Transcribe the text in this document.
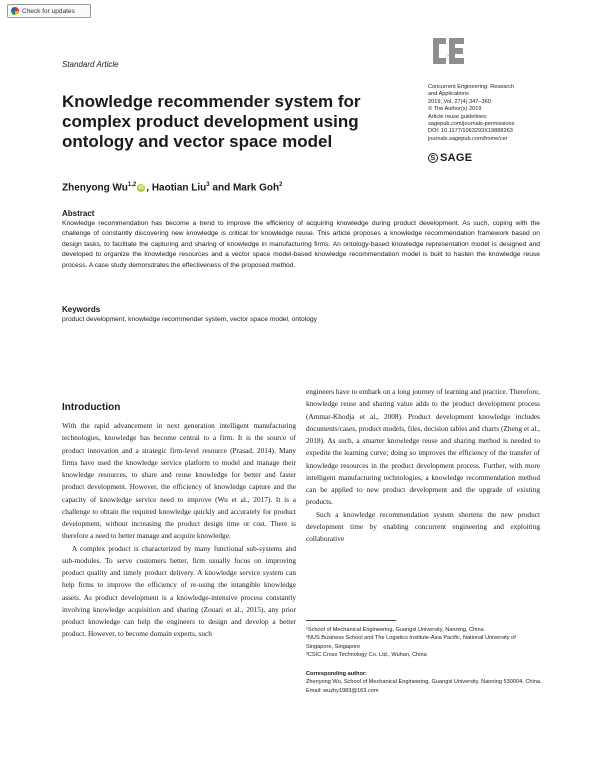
Check for updates
Standard Article
CE
Concurrent Engineering: Research
and Applications
2019, Vol. 27(4) 347–360
© The Author(s) 2019
Article reuse guidelines:
sagepub.com/journals-permissions
DOI: 10.1177/1063293X19888263
journals.sagepub.com/home/cer
S SAGE
Knowledge recommender system for complex product development using ontology and vector space model
Zhenyong Wu$^{1,2}$ iD , Haotian Liu$^3$ and Mark Goh$^2$
Abstract

Knowledge recommendation has become a trend to improve the efficiency of acquiring knowledge during product development. As such, coping with the challenge of constantly discovering new knowledge is critical for knowledge reuse. This article proposes a knowledge recommendation framework based on design tasks, to facilitate the capturing and sharing of knowledge in manufacturing firms. An ontology-based knowledge representation model is designed and developed to organize the knowledge resources and a vector space model-based knowledge recommendation model is built to hasten the knowledge reuse process. A case study demonstrates the effectiveness of the proposed method.

Keywords

product development, knowledge recommender system, vector space model, ontology

Introduction

With the rapid advancement in next generation intelligent manufacturing technologies, knowledge has become central to a firm. It is the source of product innovation and a strategic firm-level resource (Prasad, 2014). Many firms have used the knowledge service platform to model and manage their knowledge resources, to share and reuse knowledge for better and faster product development. However, the efficiency of knowledge capture and the capacity of knowledge service need to improve (Wu et al., 2017). It is a challenge to obtain the required knowledge quickly and accurately for product development, without increasing the product design time or cost. There is therefore a need to better manage and acquire knowledge.

A complex product is characterized by many functional sub-systems and sub-modules. To serve customers better, firm usually focus on improving product quality and timely product delivery. A knowledge service system can help firms to improve the efficiency of re-using the intangible knowledge assets. As product development is a knowledge-intensive process constantly involving knowledge acquisition and sharing (Zouari et al., 2015), any prior product knowledge can help the engineers to design and develop a better product. However, to become domain experts, such

engineers have to embark on a long journey of learning and practice. Therefore, knowledge reuse and sharing value adds to the product development process (Ammar-Khodja et al., 2008). Product development knowledge includes documents/cases, product models, files, decision tables and charts (Zheng et al., 2018). As such, a smarter knowledge reuse and sharing method is needed to expedite the learning curve; doing so improves the efficiency of the transfer of knowledge resources in the product development process. Further, with more intelligent manufacturing technologies, a knowledge recommendation method can be applied to new product development and the upgrade of existing products.

Such a knowledge recommendation system shortens the new product development time by enabling concurrent engineering and exploiting collaborative

¹School of Mechanical Engineering, Guangxi University, Nanning, China

²NUS Business School and The Logistics Institute-Asia Pacific, National University of Singapore, Singapore

³CSIC Cross Technology Co. Ltd., Wuhan, China

Corresponding author:

Zhenyong Wu, School of Mechanical Engineering, Guangxi University, Nanning 530004, China.

Email: wuzhy1983@163.com
